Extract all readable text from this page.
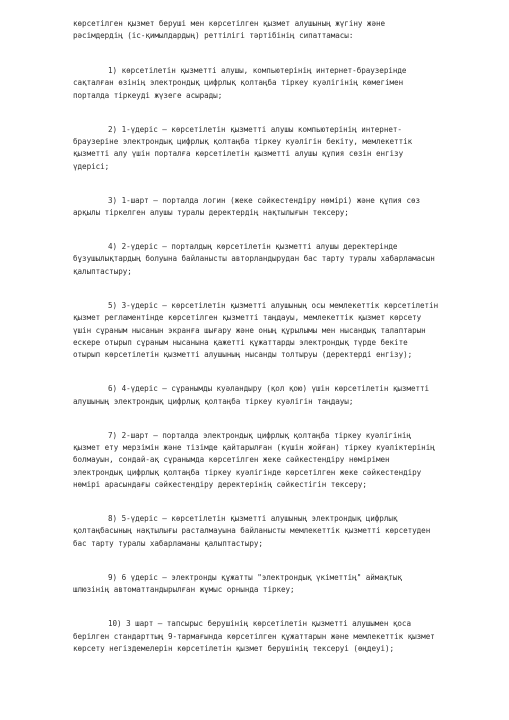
көрсетілген қызмет беруші мен көрсетілген қызмет алушының жүгіну және рәсімдердің (іс-қимылдардың) реттілігі тәртібінің сипаттамасы:

1) көрсетілетін қызметті алушы, компьютерінің интернет-браузерінде сақталған өзінің электрондық цифрлық қолтаңба тіркеу куәлігінің көмегімен порталда тіркеуді жүзеге асырады;

2) 1-үдеріс – көрсетілетін қызметті алушы компьютерінің интернет-браузеріне электрондық цифрлық қолтаңба тіркеу куәлігін бекіту, мемлекеттік қызметті алу үшін порталға көрсетілетін қызметті алушы құпия сөзін енгізу үдерісі;

3) 1-шарт – порталда логин (жеке сәйкестендіру нөмірі) және құпия сөз арқылы тіркелген алушы туралы деректердің нақтылығын тексеру;

4) 2-үдеріс – порталдың көрсетілетін қызметті алушы деректерінде бұзушылықтардың болуына байланысты авторландырудан бас тарту туралы хабарламасын қалыптастыру;

5) 3-үдеріс – көрсетілетін қызметті алушының осы мемлекеттік көрсетілетін қызмет регламентінде көрсетілген қызметті таңдауы, мемлекеттік қызмет көрсету үшін сұраным нысанын экранға шығару және оның құрылымы мен нысандық талаптарын ескере отырып сұраным нысанына қажетті құжаттарды электрондық түрде бекіте отырып көрсетілетін қызметті алушының нысанды толтыруы (деректерді енгізу);

6) 4-үдеріс – сұранымды куәландыру (қол қою) үшін көрсетілетін қызметті алушының электрондық цифрлық қолтаңба тіркеу куәлігін таңдауы;

7) 2-шарт – порталда электрондық цифрлық қолтаңба тіркеу куәлігінің қызмет ету мерзімін және тізімде қайтарылған (күшін жойған) тіркеу куәліктерінің болмауын, сондай-ақ сұранымда көрсетілген жеке сәйкестендіру нөмірімен электрондық цифрлық қолтаңба тіркеу куәлігінде көрсетілген жеке сәйкестендіру нөмірі арасындағы сәйкестендіру деректерінің сәйкестігін тексеру;

8) 5-үдеріс – көрсетілетін қызметті алушының электрондық цифрлық қолтаңбасының нақтылығы расталмауына байланысты мемлекеттік қызметті көрсетуден бас тарту туралы хабарламаны қалыптастыру;

9) 6 үдеріс – электронды құжатты "электрондық үкіметтің" аймақтық шлюзінің автоматтандырылған жұмыс орнында тіркеу;

10) 3 шарт – тапсырыс берушінің көрсетілетін қызметті алушымен қоса берілген стандарттың 9-тармағында көрсетілген құжаттарын және мемлекеттік қызмет көрсету негіздемелерін көрсетілетін қызмет берушінің тексеруі (өңдеуі);
